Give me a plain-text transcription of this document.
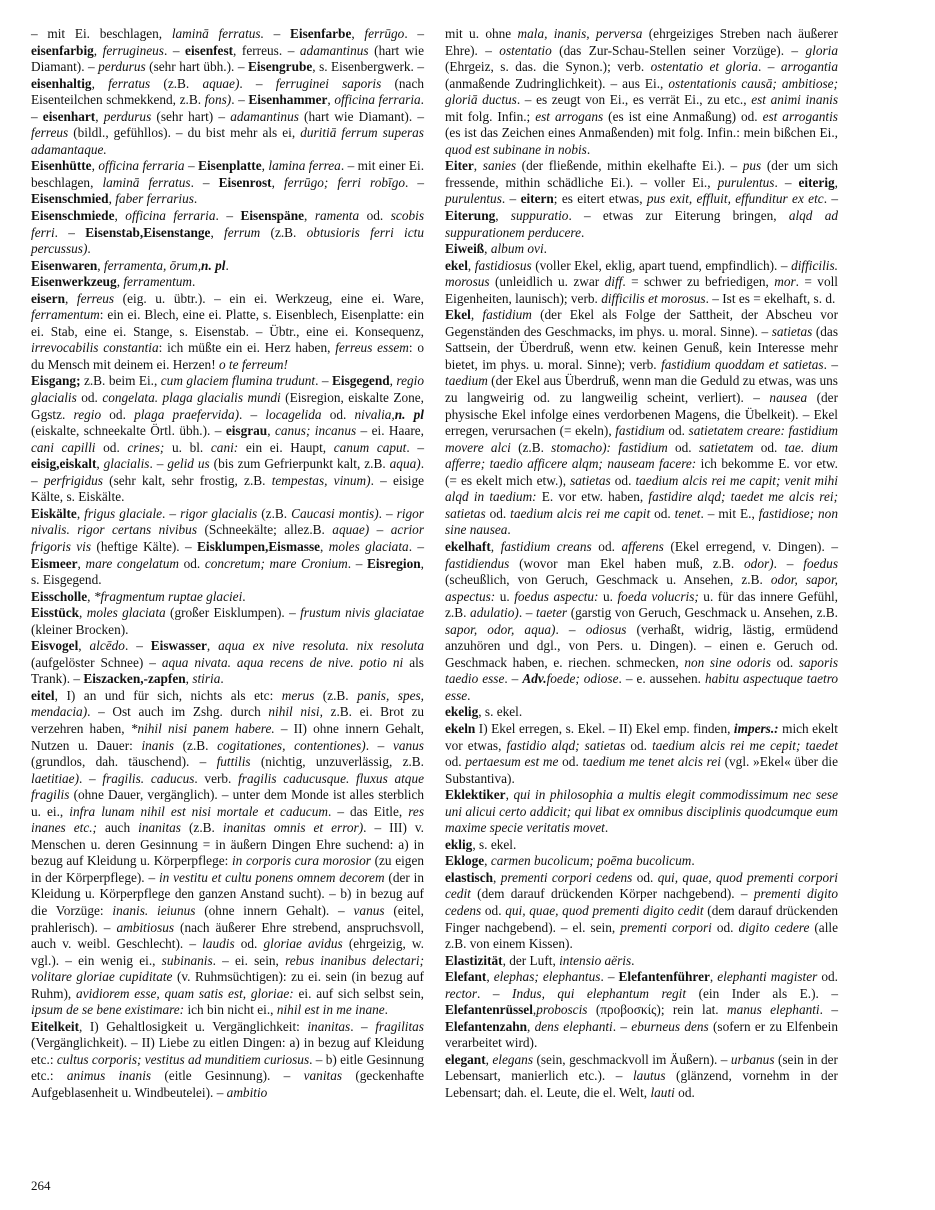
– mit Ei. beschlagen, laminā ferratus. – Eisenfarbe, ferrūgo. – eisenfarbig, ferrugineus. – eisenfest, ferreus. – adamantinus (hart wie Diamant). – perdurus (sehr hart übh.). – Eisengrube, s. Eisenbergwerk. – eisenhaltig, ferratus (z.B. aquae). – ferruginei saporis (nach Eisenteilchen schmekkend, z.B. fons). – Eisenhammer, officina ferraria. – eisenhart, perdurus (sehr hart) – adamantinus (hart wie Diamant). – ferreus (bildl., gefühllos). – du bist mehr als ei, duritiā ferrum superas adamantaque.

Eisenhütte, officina ferraria – Eisenplatte, lamina ferrea. – mit einer Ei. beschlagen, laminā ferratus. – Eisenrost, ferrūgo; ferri robīgo. – Eisenschmied, faber ferrarius.

Eisenschmiede, officina ferraria. – Eisenspäne, ramenta od. scobis ferri. – Eisenstab,Eisenstange, ferrum (z.B. obtusioris ferri ictu percussus).

Eisenwaren, ferramenta, ōrum,n. pl.

Eisenwerkzeug, ferramentum.

eisern, ferreus (eig. u. übtr.). – ein ei. Werkzeug, eine ei. Ware, ferramentum: ein ei. Blech, eine ei. Platte, s. Eisenblech, Eisenplatte: ein ei. Stab, eine ei. Stange, s. Eisenstab. – Übtr., eine ei. Konsequenz, irrevocabilis constantia: ich müßte ein ei. Herz haben, ferreus essem: o du Mensch mit deinem ei. Herzen! o te ferreum!

Eisgang; z.B. beim Ei., cum glaciem flumina trudunt. – Eisgegend, regio glacialis od. congelata. plaga glacialis mundi (Eisregion, eiskalte Zone, Ggstz. regio od. plaga praefervida). – locagelida od. nivalia,n. pl (eiskalte, schneekalte Örtl. übh.). – eisgrau, canus; incanus – ei. Haare, cani capilli od. crines; u. bl. cani: ein ei. Haupt, canum caput. – eisig,eiskalt, glacialis. – gelid us (bis zum Gefrierpunkt kalt, z.B. aqua). – perfrigidus (sehr kalt, sehr frostig, z.B. tempestas, vinum). – eisige Kälte, s. Eiskälte.

Eiskälte, frigus glaciale. – rigor glacialis (z.B. Caucasi montis). – rigor nivalis. rigor certans nivibus (Schneekälte; allez.B. aquae) – acrior frigoris vis (heftige Kälte). – Eisklumpen,Eismasse, moles glaciata. – Eismeer, mare congelatum od. concretum; mare Cronium. – Eisregion, s. Eisgegend.

Eisscholle, *fragmentum ruptae glaciei.

Eisstück, moles glaciata (großer Eisklumpen). – frustum nivis glaciatae (kleiner Brocken).

Eisvogel, alcēdo. – Eiswasser, aqua ex nive resoluta. nix resoluta (aufgelöster Schnee) – aqua nivata. aqua recens de nive. potio ni als Trank). – Eiszacken,-zapfen, stiria.

eitel, I) an und für sich, nichts als etc: merus (z.B. panis, spes, mendacia). – Ost auch im Zshg. durch nihil nisi, z.B. ei. Brot zu verzehren haben, *nihil nisi panem habere. – II) ohne innern Gehalt, Nutzen u. Dauer: inanis (z.B. cogitationes, contentiones). – vanus (grundlos, dah. täuschend). – futtilis (nichtig, unzuverlässig, z.B. laetitiae). – fragilis. caducus. verb. fragilis caducusque. fluxus atque fragilis (ohne Dauer, vergänglich). – unter dem Monde ist alles sterblich u. ei., infra lunam nihil est nisi mortale et caducum. – das Eitle, res inanes etc.; auch inanitas (z.B. inanitas omnis et error). – III) v. Menschen u. deren Gesinnung = in äußern Dingen Ehre suchend: a) in bezug auf Kleidung u. Körperpflege: in corporis cura morosior (zu eigen in der Körperpflege). – in vestitu et cultu ponens omnem decorem (der in Kleidung u. Körperpflege den ganzen Anstand sucht). – b) in bezug auf die Vorzüge: inanis. ieiunus (ohne innern Gehalt). – vanus (eitel, prahlerisch). – ambitiosus (nach äußerer Ehre strebend, anspruchsvoll, auch v. weibl. Geschlecht). – laudis od. gloriae avidus (ehrgeizig, w. vgl.). – ein wenig ei., subinanis. – ei. sein, rebus inanibus delectari; volitare gloriae cupiditate (v. Ruhmsüchtigen): zu ei. sein (in bezug auf Ruhm), avidiorem esse, quam satis est, gloriae: ei. auf sich selbst sein, ipsum de se bene existimare: ich bin nicht ei., nihil est in me inane.

Eitelkeit, I) Gehaltlosigkeit u. Vergänglichkeit: inanitas. – fragilitas (Vergänglichkeit). – II) Liebe zu eitlen Dingen: a) in bezug auf Kleidung etc.: cultus corporis; vestitus ad munditiem curiosus. – b) eitle Gesinnung etc.: animus inanis (eitle Gesinnung). – vanitas (geckenhafte Aufgeblasenheit u. Windbeutelei). – ambitio

mit u. ohne mala, inanis, perversa (ehrgeiziges Streben nach äußerer Ehre). – ostentatio (das Zur-Schau-Stellen seiner Vorzüge). – gloria (Ehrgeiz, s. das. die Synon.); verb. ostentatio et gloria. – arrogantia (anmaßende Zudringlichkeit). – aus Ei., ostentationis causā; ambitiose; gloriā ductus. – es zeugt von Ei., es verrät Ei., zu etc., est animi inanis mit folg. Infin.; est arrogans (es ist eine Anmaßung) od. est arrogantis (es ist das Zeichen eines Anmaßenden) mit folg. Infin.: mein bißchen Ei., quod est subinane in nobis.

Eiter, sanies (der fließende, mithin ekelhafte Ei.). – pus (der um sich fressende, mithin schädliche Ei.). – voller Ei., purulentus. – eiterig, purulentus. – eitern; es eitert etwas, pus exit, effluit, effunditur ex etc. – Eiterung, suppuratio. – etwas zur Eiterung bringen, alqd ad suppurationem perducere.

Eiweiß, album ovi.

ekel, fastidiosus (voller Ekel, eklig, apart tuend, empfindlich). – difficilis. morosus (unleidlich u. zwar diff. = schwer zu befriedigen, mor. = voll Eigenheiten, launisch); verb. difficilis et morosus. – Ist es = ekelhaft, s. d.

Ekel, fastidium (der Ekel als Folge der Sattheit, der Abscheu vor Gegenständen des Geschmacks, im phys. u. moral. Sinne). – satietas (das Sattsein, der Überdruß, wenn etw. keinen Genuß, kein Interesse mehr bietet, im phys. u. moral. Sinne); verb. fastidium quoddam et satietas. – taedium (der Ekel aus Überdruß, wenn man die Geduld zu etwas, was uns zu langweirig od. zu langweilig scheint, verliert). – nausea (der physische Ekel infolge eines verdorbenen Magens, die Übelkeit). – Ekel erregen, verursachen (= ekeln), fastidium od. satietatem creare: fastidium movere alci (z.B. stomacho): fastidium od. satietatem od. tae. dium afferre; taedio afficere alqm; nauseam facere: ich bekomme E. vor etw. (= es ekelt mich etw.), satietas od. taedium alcis rei me capit; venit mihi alqd in taedium: E. vor etw. haben, fastidire alqd; taedet me alcis rei; satietas od. taedium alcis rei me capit od. tenet. – mit E., fastidiose; non sine nausea.

ekelhaft, fastidium creans od. afferens (Ekel erregend, v. Dingen). – fastidiendus (wovor man Ekel haben muß, z.B. odor). – foedus (scheußlich, von Geruch, Geschmack u. Ansehen, z.B. odor, sapor, aspectus: u. foedus aspectu: u. foeda volucris; u. für das innere Gefühl, z.B. adulatio). – taeter (garstig von Geruch, Geschmack u. Ansehen, z.B. sapor, odor, aqua). – odiosus (verhaßt, widrig, lästig, ermüdend anzuhören und dgl., von Pers. u. Dingen). – einen e. Geruch od. Geschmack haben, e. riechen. schmecken, non sine odoris od. saporis taedio esse. – Adv.foede; odiose. – e. aussehen. habitu aspectuque taetro esse.

ekelig, s. ekel.

ekeln I) Ekel erregen, s. Ekel. – II) Ekel emp. finden, impers.: mich ekelt vor etwas, fastidio alqd; satietas od. taedium alcis rei me cepit; taedet od. pertaesum est me od. taedium me tenet alcis rei (vgl. »Ekel« über die Substantiva).

Eklektiker, qui in philosophia a multis elegit commodissimum nec sese uni alicui certo addicit; qui libat ex omnibus disciplinis quodcumque eum maxime specie veritatis movet.

eklig, s. ekel.

Ekloge, carmen bucolicum; poēma bucolicum.

elastisch, prementi corpori cedens od. qui, quae, quod prementi corpori cedit (dem darauf drückenden Körper nachgebend). – prementi digito cedens od. qui, quae, quod prementi digito cedit (dem darauf drückenden Finger nachgebend). – el. sein, prementi corpori od. digito cedere (alle z.B. von einem Kissen).

Elastizität, der Luft, intensio aëris.

Elefant, elephas; elephantus. – Elefantenführer, elephanti magister od. rector. – Indus, qui elephantum regit (ein Inder als E.). – Elefantenrüssel,proboscis (προβοσκίς); rein lat. manus elephanti. – Elefantenzahn, dens elephanti. – eburneus dens (sofern er zu Elfenbein verarbeitet wird).

elegant, elegans (sein, geschmackvoll im Äußern). – urbanus (sein in der Lebensart, manierlich etc.). – lautus (glänzend, vornehm in der Lebensart; dah. el. Leute, die el. Welt, lauti od.

264
